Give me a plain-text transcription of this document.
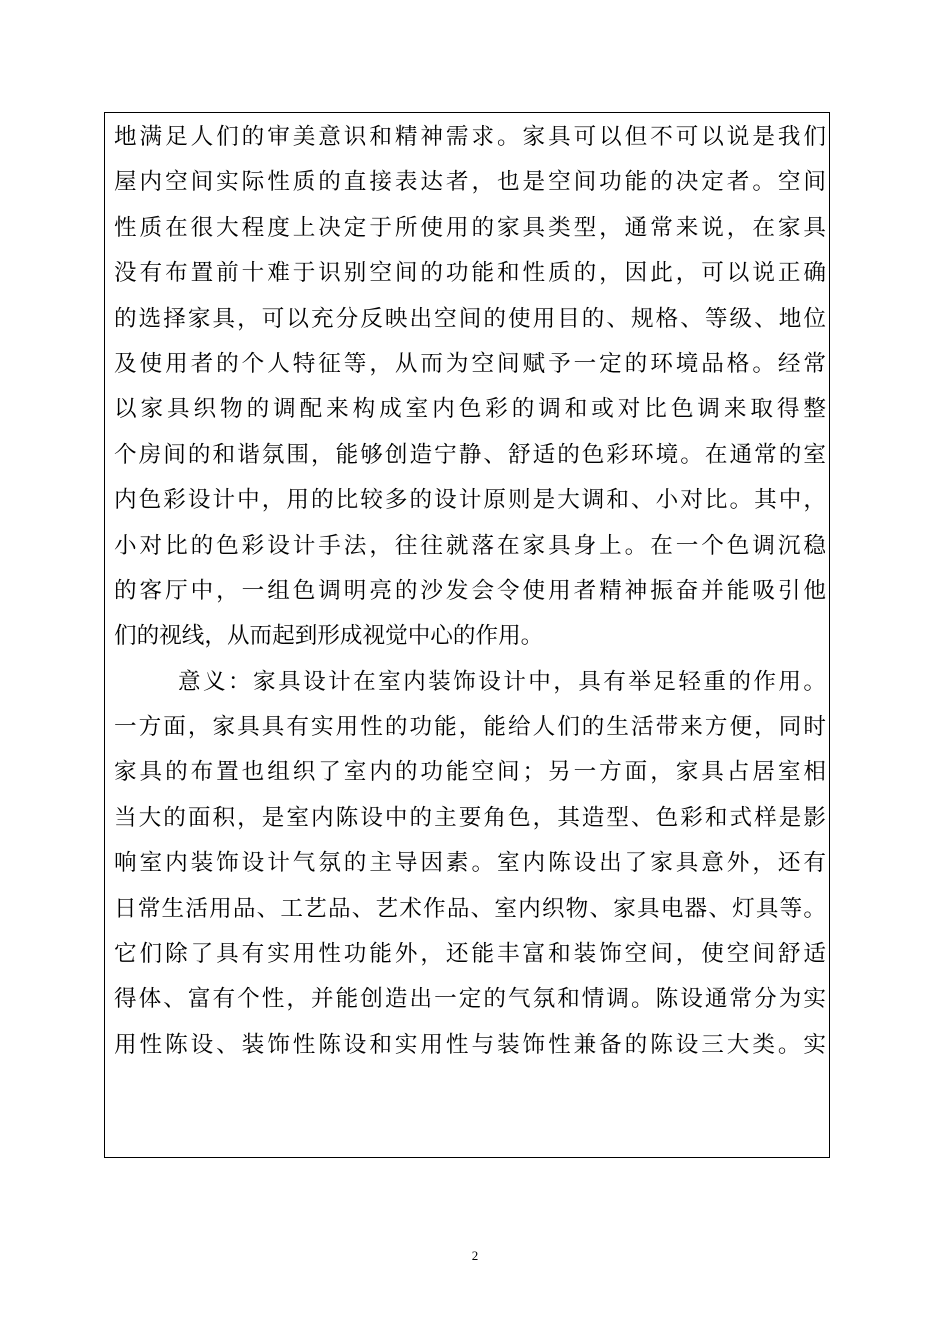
地满足人们的审美意识和精神需求。家具可以但不可以说是我们
屋内空间实际性质的直接表达者，也是空间功能的决定者。空间
性质在很大程度上决定于所使用的家具类型，通常来说，在家具
没有布置前十难于识别空间的功能和性质的，因此，可以说正确
的选择家具，可以充分反映出空间的使用目的、规格、等级、地位
及使用者的个人特征等，从而为空间赋予一定的环境品格。经常
以家具织物的调配来构成室内色彩的调和或对比色调来取得整
个房间的和谐氛围，能够创造宁静、舒适的色彩环境。在通常的室
内色彩设计中，用的比较多的设计原则是大调和、小对比。其中，
小对比的色彩设计手法，往往就落在家具身上。在一个色调沉稳
的客厅中，一组色调明亮的沙发会令使用者精神振奋并能吸引他
们的视线，从而起到形成视觉中心的作用。
意义：家具设计在室内装饰设计中，具有举足轻重的作用。
一方面，家具具有实用性的功能，能给人们的生活带来方便，同时
家具的布置也组织了室内的功能空间；另一方面，家具占居室相
当大的面积，是室内陈设中的主要角色，其造型、色彩和式样是影
响室内装饰设计气氛的主导因素。室内陈设出了家具意外，还有
日常生活用品、工艺品、艺术作品、室内织物、家具电器、灯具等。
它们除了具有实用性功能外，还能丰富和装饰空间，使空间舒适
得体、富有个性，并能创造出一定的气氛和情调。陈设通常分为实
用性陈设、装饰性陈设和实用性与装饰性兼备的陈设三大类。实
2
